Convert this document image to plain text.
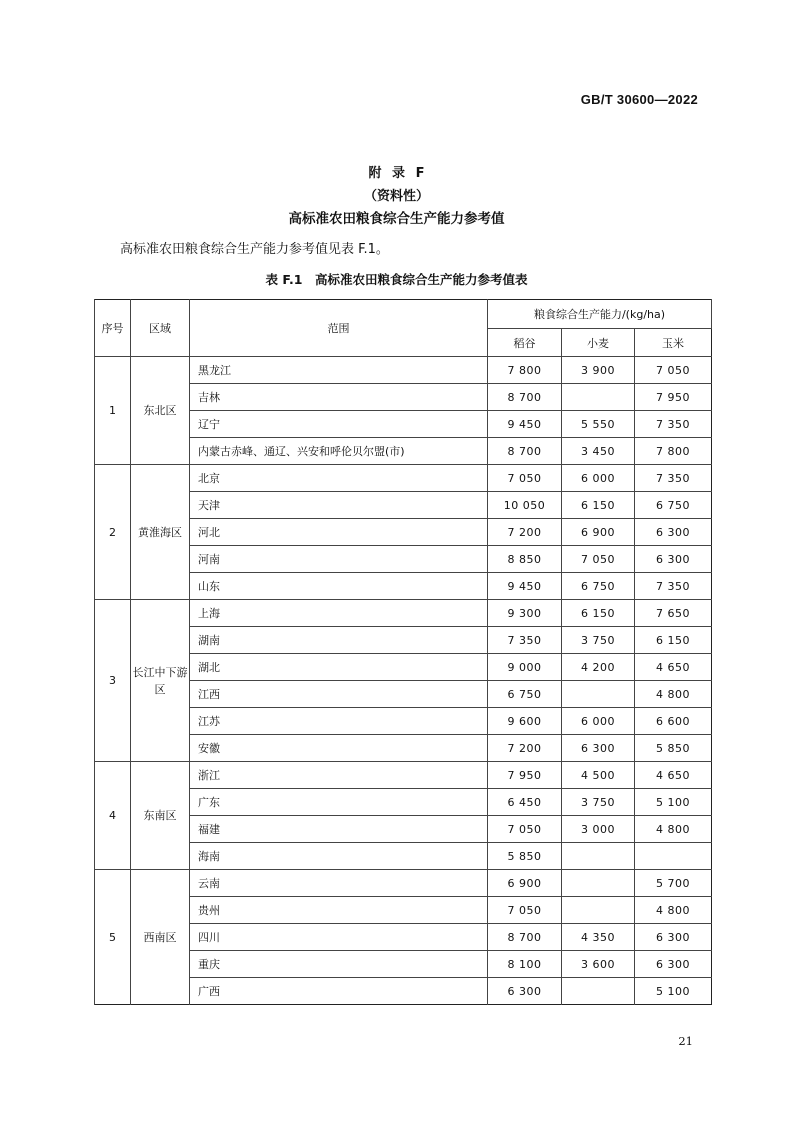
GB/T 30600—2022
附 录 F
（资料性）
高标准农田粮食综合生产能力参考值
高标准农田粮食综合生产能力参考值见表 F.1。
表 F.1　高标准农田粮食综合生产能力参考值表
序号	区域	范围	粮食综合生产能力/(kg/ha)		
			稻谷	小麦	玉米
1	东北区	黑龙江	7 800	3 900	7 050
		吉林	8 700		7 950
		辽宁	9 450	5 550	7 350
		内蒙古赤峰、通辽、兴安和呼伦贝尔盟(市)	8 700	3 450	7 800
2	黄淮海区	北京	7 050	6 000	7 350
		天津	10 050	6 150	6 750
		河北	7 200	6 900	6 300
		河南	8 850	7 050	6 300
		山东	9 450	6 750	7 350
3	长江中下游区	上海	9 300	6 150	7 650
		湖南	7 350	3 750	6 150
		湖北	9 000	4 200	4 650
		江西	6 750		4 800
		江苏	9 600	6 000	6 600
		安徽	7 200	6 300	5 850
4	东南区	浙江	7 950	4 500	4 650
		广东	6 450	3 750	5 100
		福建	7 050	3 000	4 800
		海南	5 850		
5	西南区	云南	6 900		5 700
		贵州	7 050		4 800
		四川	8 700	4 350	6 300
		重庆	8 100	3 600	6 300
		广西	6 300		5 100
21
